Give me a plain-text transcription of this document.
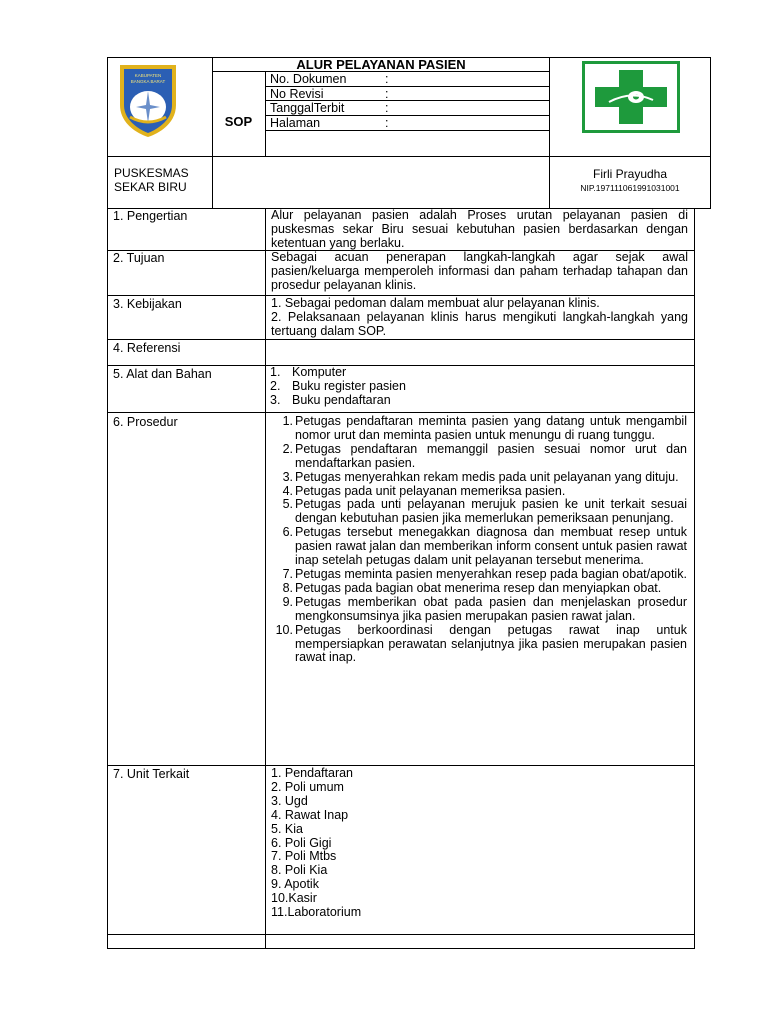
KABUPATEN
BANGKA BARAT
ALUR PELAYANAN PASIEN
SOP
No. Dokumen	:
No Revisi	:
TanggalTerbit	:
Halaman	:
PUSKESMAS
SEKAR BIRU
Firli Prayudha
NIP.197111061991031001
1. Pengertian	Alur pelayanan pasien adalah Proses urutan pelayanan pasien di puskesmas sekar Biru sesuai kebutuhan pasien berdasarkan dengan ketentuan yang berlaku.
2. Tujuan	Sebagai acuan penerapan langkah-langkah agar sejak awal pasien/keluarga memperoleh informasi dan paham terhadap tahapan dan prosedur pelayanan klinis.
3. Kebijakan	1. Sebagai pedoman dalam membuat alur pelayanan klinis.
2. Pelaksanaan pelayanan klinis harus mengikuti langkah-langkah yang tertuang dalam SOP.
4. Referensi
5. Alat dan Bahan	1. Komputer
2. Buku register pasien
3. Buku pendaftaran
6. Prosedur	1. Petugas pendaftaran meminta pasien yang datang untuk mengambil nomor urut dan meminta pasien untuk menungu di ruang tunggu.
2. Petugas pendaftaran memanggil pasien sesuai nomor urut dan mendaftarkan pasien.
3. Petugas menyerahkan rekam medis pada unit pelayanan yang dituju.
4. Petugas pada unit pelayanan memeriksa pasien.
5. Petugas pada unti pelayanan merujuk pasien ke unit terkait sesuai dengan kebutuhan pasien jika memerlukan pemeriksaan penunjang.
6. Petugas tersebut menegakkan diagnosa dan membuat resep untuk pasien rawat jalan dan memberikan inform consent untuk pasien rawat inap setelah petugas dalam unit pelayanan tersebut menerima.
7. Petugas meminta pasien menyerahkan resep pada bagian obat/apotik.
8. Petugas pada bagian obat menerima resep dan menyiapkan obat.
9. Petugas memberikan obat pada pasien dan menjelaskan prosedur mengkonsumsinya jika pasien merupakan pasien rawat jalan.
10. Petugas berkoordinasi dengan petugas rawat inap untuk mempersiapkan perawatan selanjutnya jika pasien merupakan pasien rawat inap.
7. Unit Terkait	1. Pendaftaran
2. Poli umum
3. Ugd
4. Rawat Inap
5. Kia
6. Poli Gigi
7. Poli Mtbs
8. Poli Kia
9. Apotik
10.Kasir
11.Laboratorium
